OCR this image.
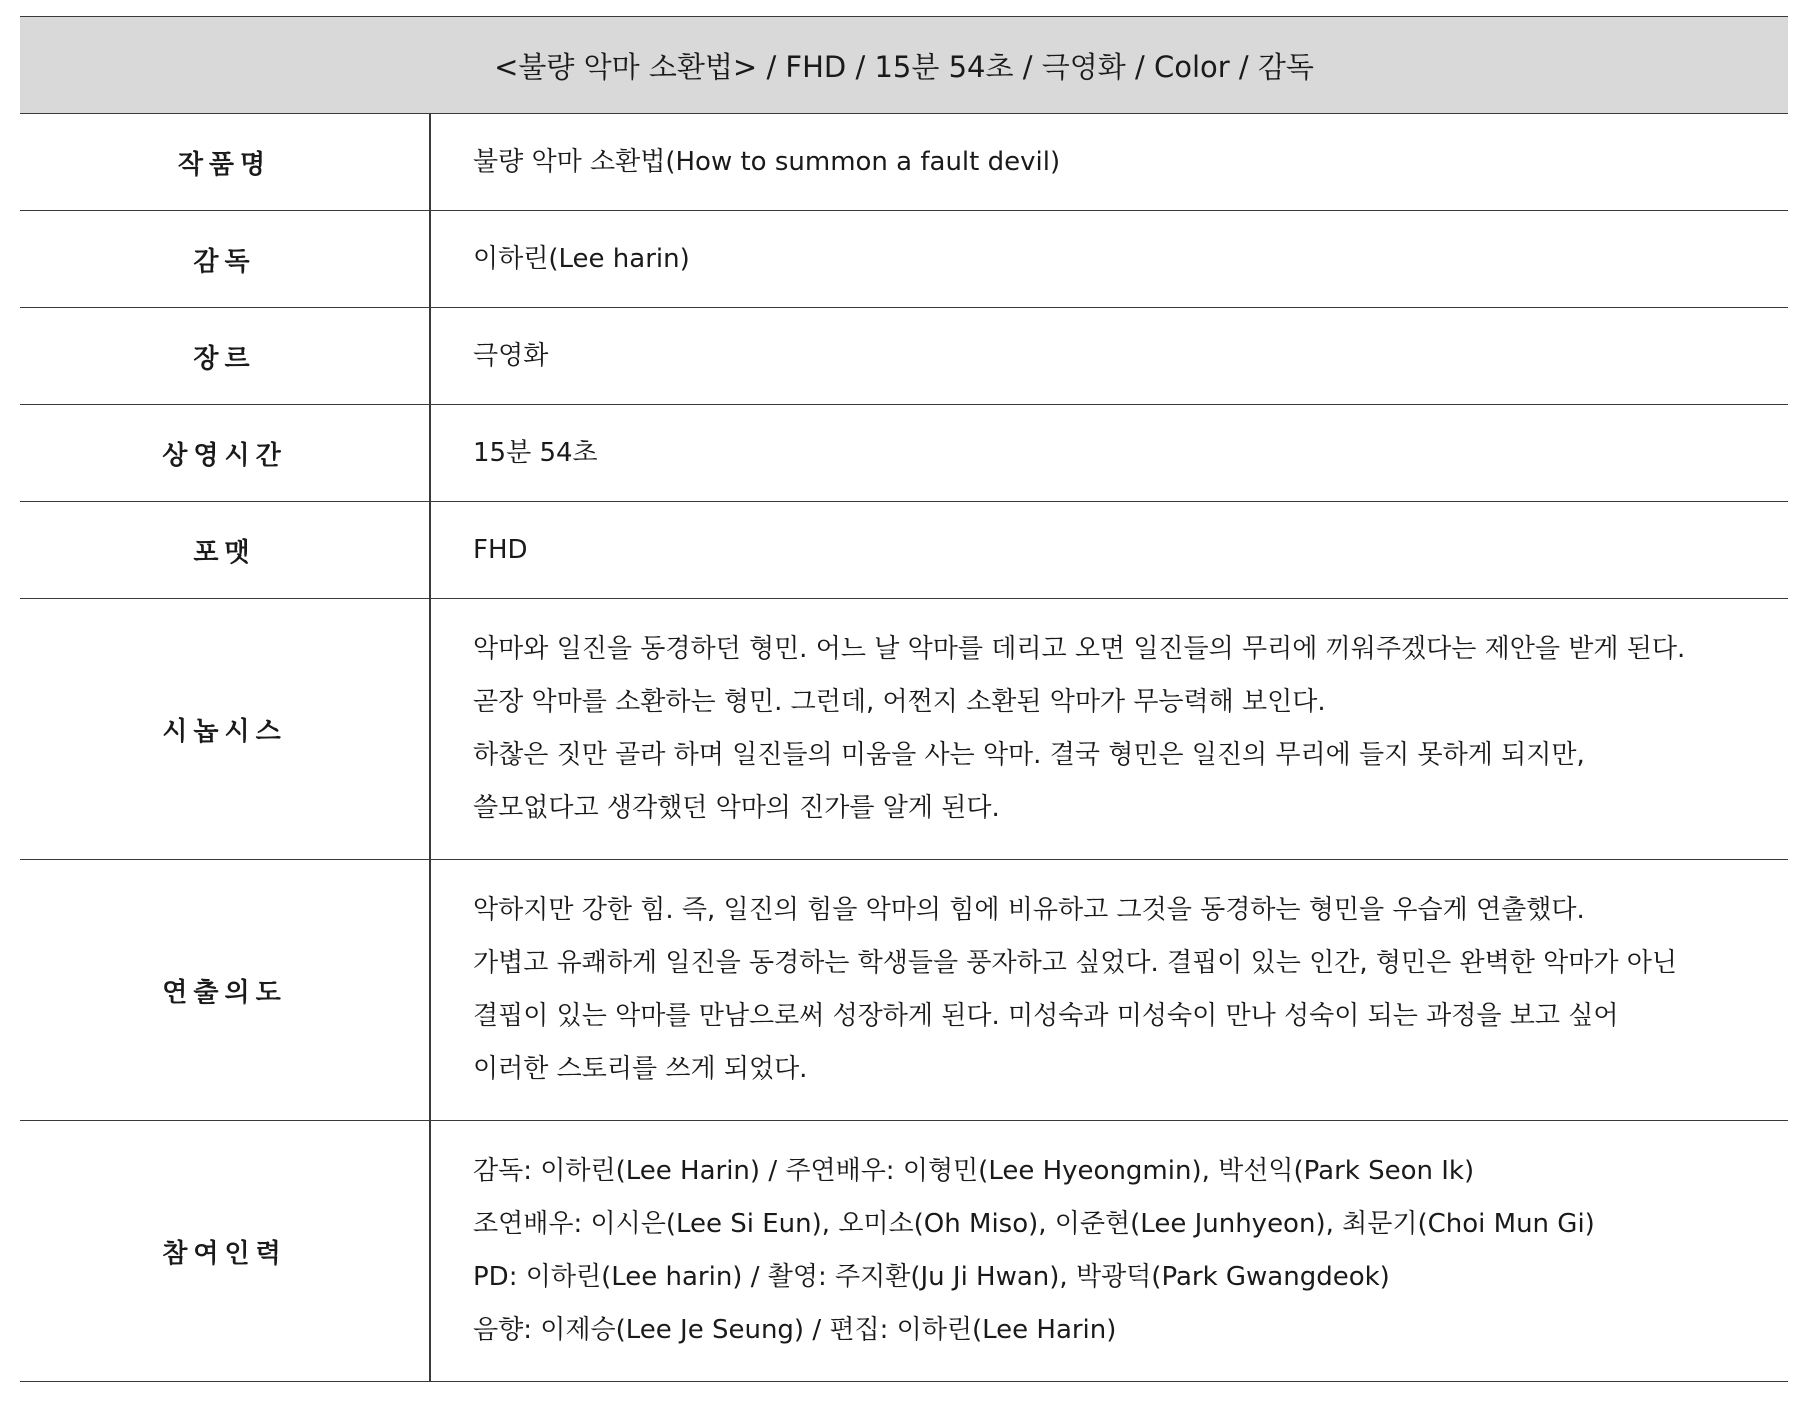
<불량 악마 소환법> / FHD / 15분 54초 / 극영화 / Color / 감독	
작품명	불량 악마 소환법(How to summon a fault devil)

감독	이하린(Lee harin)

장르	극영화

상영시간	15분 54초

포맷	FHD

시놉시스	악마와 일진을 동경하던 형민. 어느 날 악마를 데리고 오면 일진들의 무리에 끼워주겠다는 제안을 받게 된다.
곧장 악마를 소환하는 형민. 그런데, 어쩐지 소환된 악마가 무능력해 보인다.
하찮은 짓만 골라 하며 일진들의 미움을 사는 악마. 결국 형민은 일진의 무리에 들지 못하게 되지만,
쓸모없다고 생각했던 악마의 진가를 알게 된다.

연출의도	악하지만 강한 힘. 즉, 일진의 힘을 악마의 힘에 비유하고 그것을 동경하는 형민을 우습게 연출했다.
가볍고 유쾌하게 일진을 동경하는 학생들을 풍자하고 싶었다. 결핍이 있는 인간, 형민은 완벽한 악마가 아닌
결핍이 있는 악마를 만남으로써 성장하게 된다. 미성숙과 미성숙이 만나 성숙이 되는 과정을 보고 싶어
이러한 스토리를 쓰게 되었다.

참여인력	감독: 이하린(Lee Harin) / 주연배우: 이형민(Lee Hyeongmin), 박선익(Park Seon Ik)
조연배우: 이시은(Lee Si Eun), 오미소(Oh Miso), 이준현(Lee Junhyeon), 최문기(Choi Mun Gi)
PD: 이하린(Lee harin) / 촬영: 주지환(Ju Ji Hwan), 박광덕(Park Gwangdeok)
음향: 이제승(Lee Je Seung) / 편집: 이하린(Lee Harin)
